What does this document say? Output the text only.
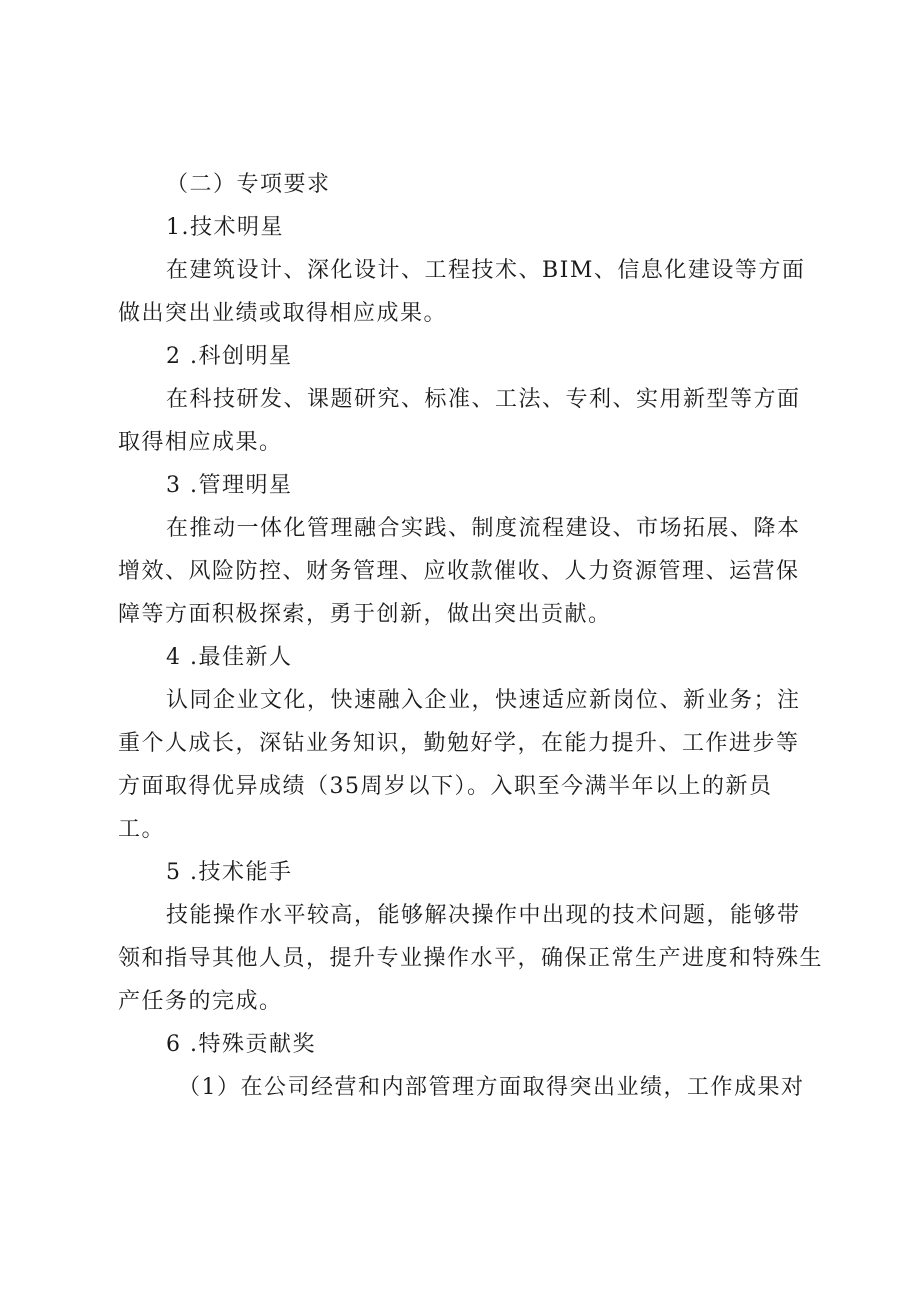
（二）专项要求
1.技术明星
在建筑设计、深化设计、工程技术、BIM、信息化建设等方面
做出突出业绩或取得相应成果。
2 .科创明星
在科技研发、课题研究、标准、工法、专利、实用新型等方面
取得相应成果。
3 .管理明星
在推动一体化管理融合实践、制度流程建设、市场拓展、降本
增效、风险防控、财务管理、应收款催收、人力资源管理、运营保
障等方面积极探索，勇于创新，做出突出贡献。
4 .最佳新人
认同企业文化，快速融入企业，快速适应新岗位、新业务；注
重个人成长，深钻业务知识，勤勉好学，在能力提升、工作进步等
方面取得优异成绩（35周岁以下）。入职至今满半年以上的新员
工。
5 .技术能手
技能操作水平较高，能够解决操作中出现的技术问题，能够带
领和指导其他人员，提升专业操作水平，确保正常生产进度和特殊生
产任务的完成。
6 .特殊贡献奖
（1）在公司经营和内部管理方面取得突出业绩，工作成果对
